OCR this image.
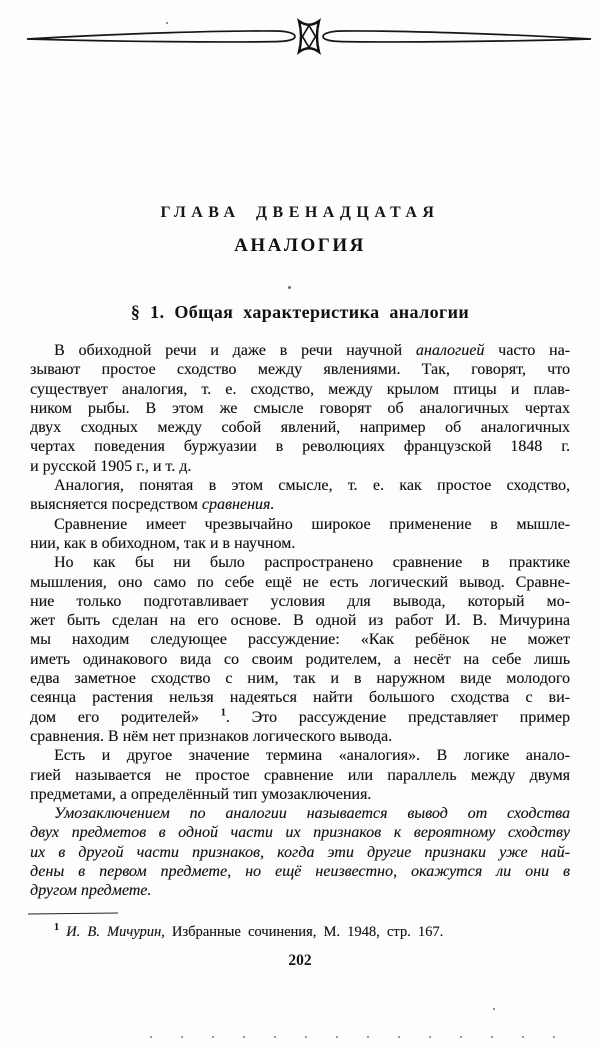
ГЛАВА ДВЕНАДЦАТАЯ
АНАЛОГИЯ
§ 1. Общая характеристика аналогии
В обиходной речи и даже в речи научной аналогией часто на-
зывают простое сходство между явлениями. Так, говорят, что
существует аналогия, т. е. сходство, между крылом птицы и плав-
ником рыбы. В этом же смысле говорят об аналогичных чертах
двух сходных между собой явлений, например об аналогичных
чертах поведения буржуазии в революциях французской 1848 г.
и русской 1905 г., и т. д.
Аналогия, понятая в этом смысле, т. е. как простое сходство,
выясняется посредством сравнения.
Сравнение имеет чрезвычайно широкое применение в мышле-
нии, как в обиходном, так и в научном.
Но как бы ни было распространено сравнение в практике
мышления, оно само по себе ещё не есть логический вывод. Сравне-
ние только подготавливает условия для вывода, который мо-
жет быть сделан на его основе. В одной из работ И. В. Мичурина
мы находим следующее рассуждение: «Как ребёнок не может
иметь одинакового вида со своим родителем, а несёт на себе лишь
едва заметное сходство с ним, так и в наружном виде молодого
сеянца растения нельзя надеяться найти большого сходства с ви-
дом его родителей» $^1$. Это рассуждение представляет пример
сравнения. В нём нет признаков логического вывода.
Есть и другое значение термина «аналогия». В логике анало-
гией называется не простое сравнение или параллель между двумя
предметами, а определённый тип умозаключения.
Умозаключением по аналогии называется вывод от сходства
двух предметов в одной части их признаков к вероятному сходству
их в другой части признаков, когда эти другие признаки уже най-
дены в первом предмете, но ещё неизвестно, окажутся ли они в
другом предмете.
$^1$ И. В. Мичурин, Избранные сочинения, М. 1948, стр. 167.
202
